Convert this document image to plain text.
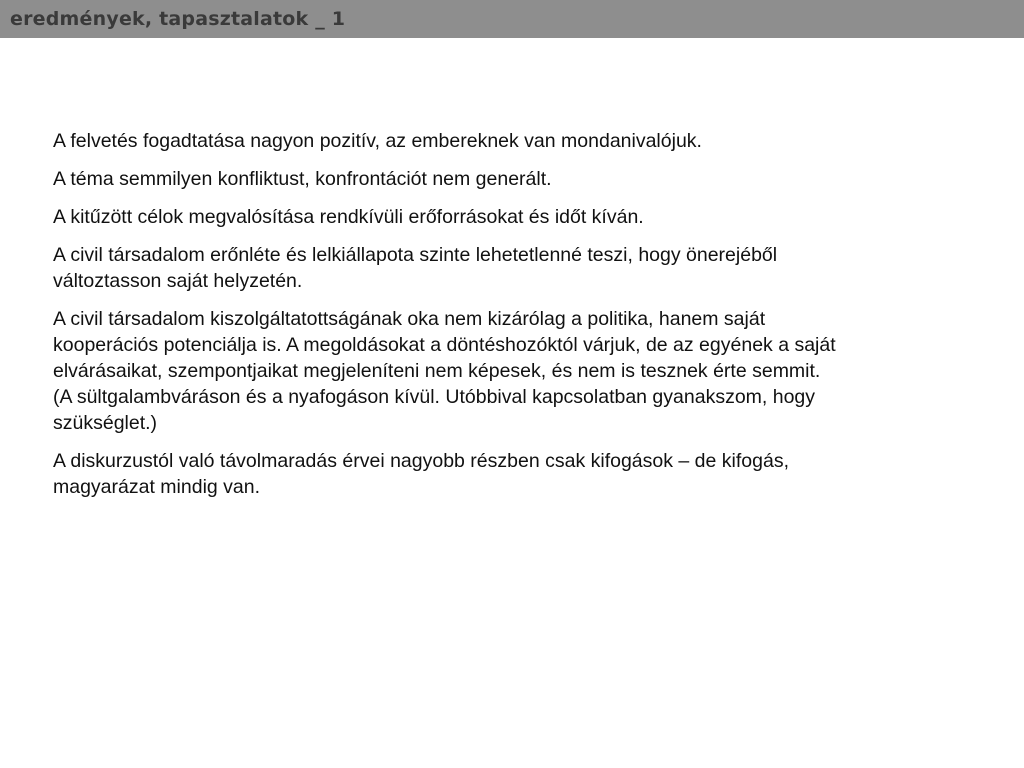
eredmények, tapasztalatok _ 1

A felvetés fogadtatása nagyon pozitív, az embereknek van mondanivalójuk.

A téma semmilyen konfliktust, konfrontációt nem generált.

A kitűzött célok megvalósítása rendkívüli erőforrásokat és időt kíván.

A civil társadalom erőnléte és lelkiállapota szinte lehetetlenné teszi, hogy önerejéből
változtasson saját helyzetén.

A civil társadalom kiszolgáltatottságának oka nem kizárólag a politika, hanem saját
kooperációs potenciálja is. A megoldásokat a döntéshozóktól várjuk, de az egyének a saját
elvárásaikat, szempontjaikat megjeleníteni nem képesek, és nem is tesznek érte semmit.
(A sültgalambváráson és a nyafogáson kívül. Utóbbival kapcsolatban gyanakszom, hogy
szükséglet.)

A diskurzustól való távolmaradás érvei nagyobb részben csak kifogások – de kifogás,
magyarázat mindig van.
